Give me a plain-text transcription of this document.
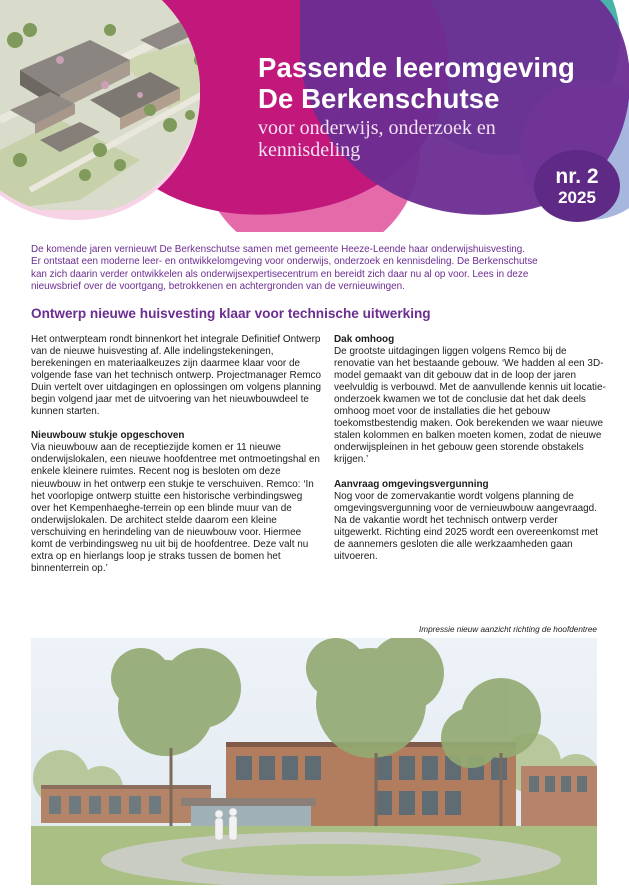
Passende leeromgeving
De Berkenschutse
voor onderwijs, onderzoek en kennisdeling
nr. 2
2025

De komende jaren vernieuwt De Berkenschutse samen met gemeente Heeze-Leende haar onderwijshuisvesting.

Er ontstaat een moderne leer- en ontwikkelomgeving voor onderwijs, onderzoek en kennisdeling. De Berkenschutse

kan zich daarin verder ontwikkelen als onderwijsexpertisecentrum en bereidt zich daar nu al op voor. Lees in deze

nieuwsbrief over de voortgang, betrokkenen en achtergronden van de vernieuwingen.

Ontwerp nieuwe huisvesting klaar voor technische uitwerking

Het ontwerpteam rondt binnenkort het integrale Definitief Ontwerp van de nieuwe huisvesting af. Alle indelingstekeningen, berekeningen en materiaalkeuzes zijn daarmee klaar voor de volgende fase van het technisch ontwerp. Projectmanager Remco Duin vertelt over uitdagingen en oplossingen om volgens planning begin volgend jaar met de uitvoering van het nieuwbouwdeel te kunnen starten.

Nieuwbouw stukje opgeschoven

Via nieuwbouw aan de receptiezijde komen er 11 nieuwe onderwijslokalen, een nieuwe hoofdentree met ontmoetingshal en enkele kleinere ruimtes. Recent nog is besloten om deze nieuwbouw in het ontwerp een stukje te verschuiven. Remco: ‘In het voorlopige ontwerp stuitte een historische verbindingsweg over het Kempenhaeghe-terrein op een blinde muur van de onderwijslokalen. De architect stelde daarom een kleine verschuiving en herindeling van de nieuwbouw voor. Hiermee komt de verbindingsweg nu uit bij de hoofdentree. Deze valt nu extra op en hierlangs loop je straks tussen de bomen het binnenterrein op.’

Dak omhoog

De grootste uitdagingen liggen volgens Remco bij de renovatie van het bestaande gebouw. ‘We hadden al een 3D-model gemaakt van dit gebouw dat in de loop der jaren veelvuldig is verbouwd. Met de aanvullende kennis uit locatie-onderzoek kwamen we tot de conclusie dat het dak deels omhoog moet voor de installaties die het gebouw toekomstbestendig maken. Ook berekenden we waar nieuwe stalen kolommen en balken moeten komen, zodat de nieuwe onderwijspleinen in het gebouw geen storende obstakels krijgen.’

Aanvraag omgevingsvergunning

Nog voor de zomervakantie wordt volgens planning de omgevingsvergunning voor de vernieuwbouw aangevraagd. Na de vakantie wordt het technisch ontwerp verder uitgewerkt. Richting eind 2025 wordt een overeenkomst met de aannemers gesloten die alle werkzaamheden gaan uitvoeren.

Impressie nieuw aanzicht richting de hoofdentree
